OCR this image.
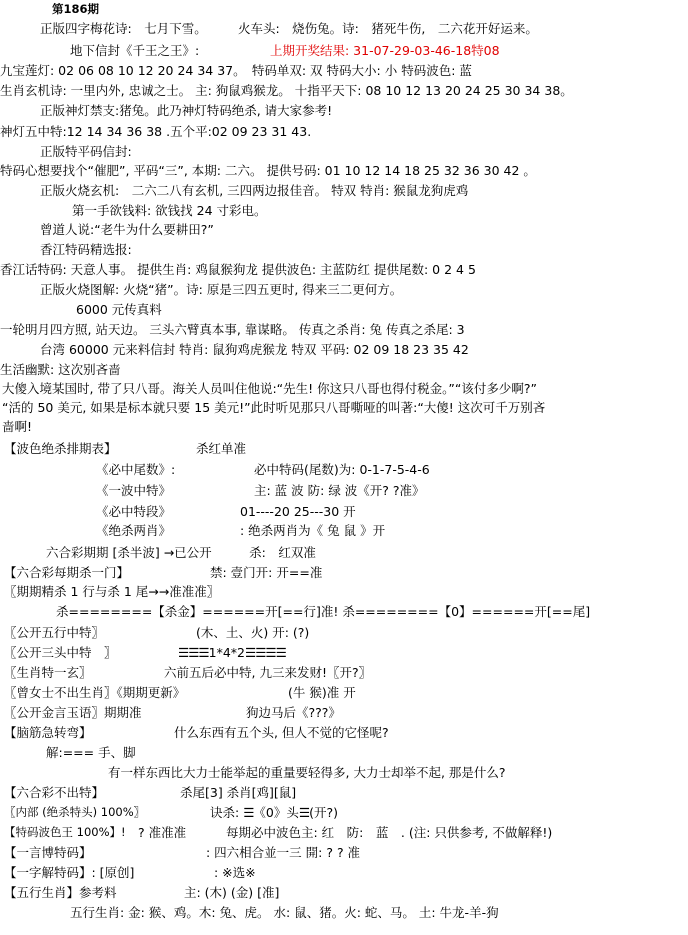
第186期
正版四字梅花诗:　七月下雪。　　　火车头:　烧伤兔。诗:　猪死牛伤,　二六花开好运来。
地下信封《千王之王》:	上期开奖结果: 31-07-29-03-46-18特08
九宝莲灯: 02 06 08 10 12 20 24 34 37。　特码单双: 双 特码大小: 小 特码波色: 蓝
生肖玄机诗: 一里内外, 忠诚之士。 主: 狗鼠鸡猴龙。 十指平天下: 08 10 12 13 20 24 25 30 34 38。
正版神灯禁支:猪兔。此乃神灯特码绝杀, 请大家参考!
神灯五中特:12 14 34 36 38 .五个平:02 09 23 31 43.
正版特平码信封:
特码心想要找个“催肥”, 平码“三”, 本期: 二六。 提供号码: 01 10 12 14 18 25 32 36 30 42 。
正版火烧玄机:　二六二八有玄机, 三四两边报佳音。 特双 特肖: 猴鼠龙狗虎鸡
第一手欲钱料: 欲钱找 24 寸彩电。
曾道人说:“老牛为什么要耕田?”
香江特码精选报:
香江话特码: 天意人事。 提供生肖: 鸡鼠猴狗龙 提供波色: 主蓝防红 提供尾数: 0 2 4 5
正版火烧图解: 火烧“猪”。诗: 原是三四五更时, 得来三二更何方。
6000 元传真料
一轮明月四方照, 站天边。 三头六臂真本事, 靠谋略。 传真之杀肖: 兔 传真之杀尾: 3
台湾 60000 元来料信封 特肖: 鼠狗鸡虎猴龙 特双 平码: 02 09 18 23 35 42
生活幽默: 这次别吝啬
大傻入境某国时, 带了只八哥。海关人员叫住他说:“先生! 你这只八哥也得付税金。”“该付多少啊?”
“活的 50 美元, 如果是标本就只要 15 美元!”此时听见那只八哥嘶哑的叫著:“大傻! 这次可千万别吝
啬啊!
【波色绝杀排期表】	杀红单准
《必中尾数》:	必中特码(尾数)为: 0-1-7-5-4-6
《一波中特》	主: 蓝 波 防: 绿 波《开? ?准》
《必中特段》	01----20 25---30 开
《绝杀两肖》	: 绝杀两肖为《 兔 鼠 》开
六合彩期期 [杀半波] →已公开　　　杀:　红双准
【六合彩每期杀一门】	禁: 壹门开: 开==准
〖期期精杀 1 行与杀 1 尾→→准准准〗
杀========【杀金】======开[==行]准! 杀========【0】======开[==尾]
〖公开五行中特〗	(木、土、火) 开: (?)
〖公开三头中特　〗	☰☰☰1*4*2☰☰☰☰
〖生肖特一玄〗	六前五后必中特, 九三来发财!〖开?〗
〖曾女士不出生肖〗《期期更新》	(牛 猴)准 开
〖公开金言玉语〗期期准	狗边马后《???》
【脑筋急转弯】	什么东西有五个头, 但人不觉的它怪呢?
解:=== 手、脚
有一样东西比大力士能举起的重量要轻得多, 大力士却举不起, 那是什么?
【六合彩不出特】	杀尾[3] 杀肖[鸡][鼠]
〖内部 (绝杀特头) 100%〗	诀杀: ☰《0》头☰(开?)
【特码波色王 100%】! ? 准准准	每期必中波色主: 红　防:　蓝　. (注: 只供参考, 不做解释!)
【一言博特码】	: 四六相合並一三 開: ? ? 准
【一字解特码】: [原创]	: ※选※
【五行生肖】参考料	主: (木) (金) [准]
五行生肖: 金: 猴、鸡。木: 兔、虎。 水: 鼠、猪。火: 蛇、马。 土: 牛龙-羊-狗
